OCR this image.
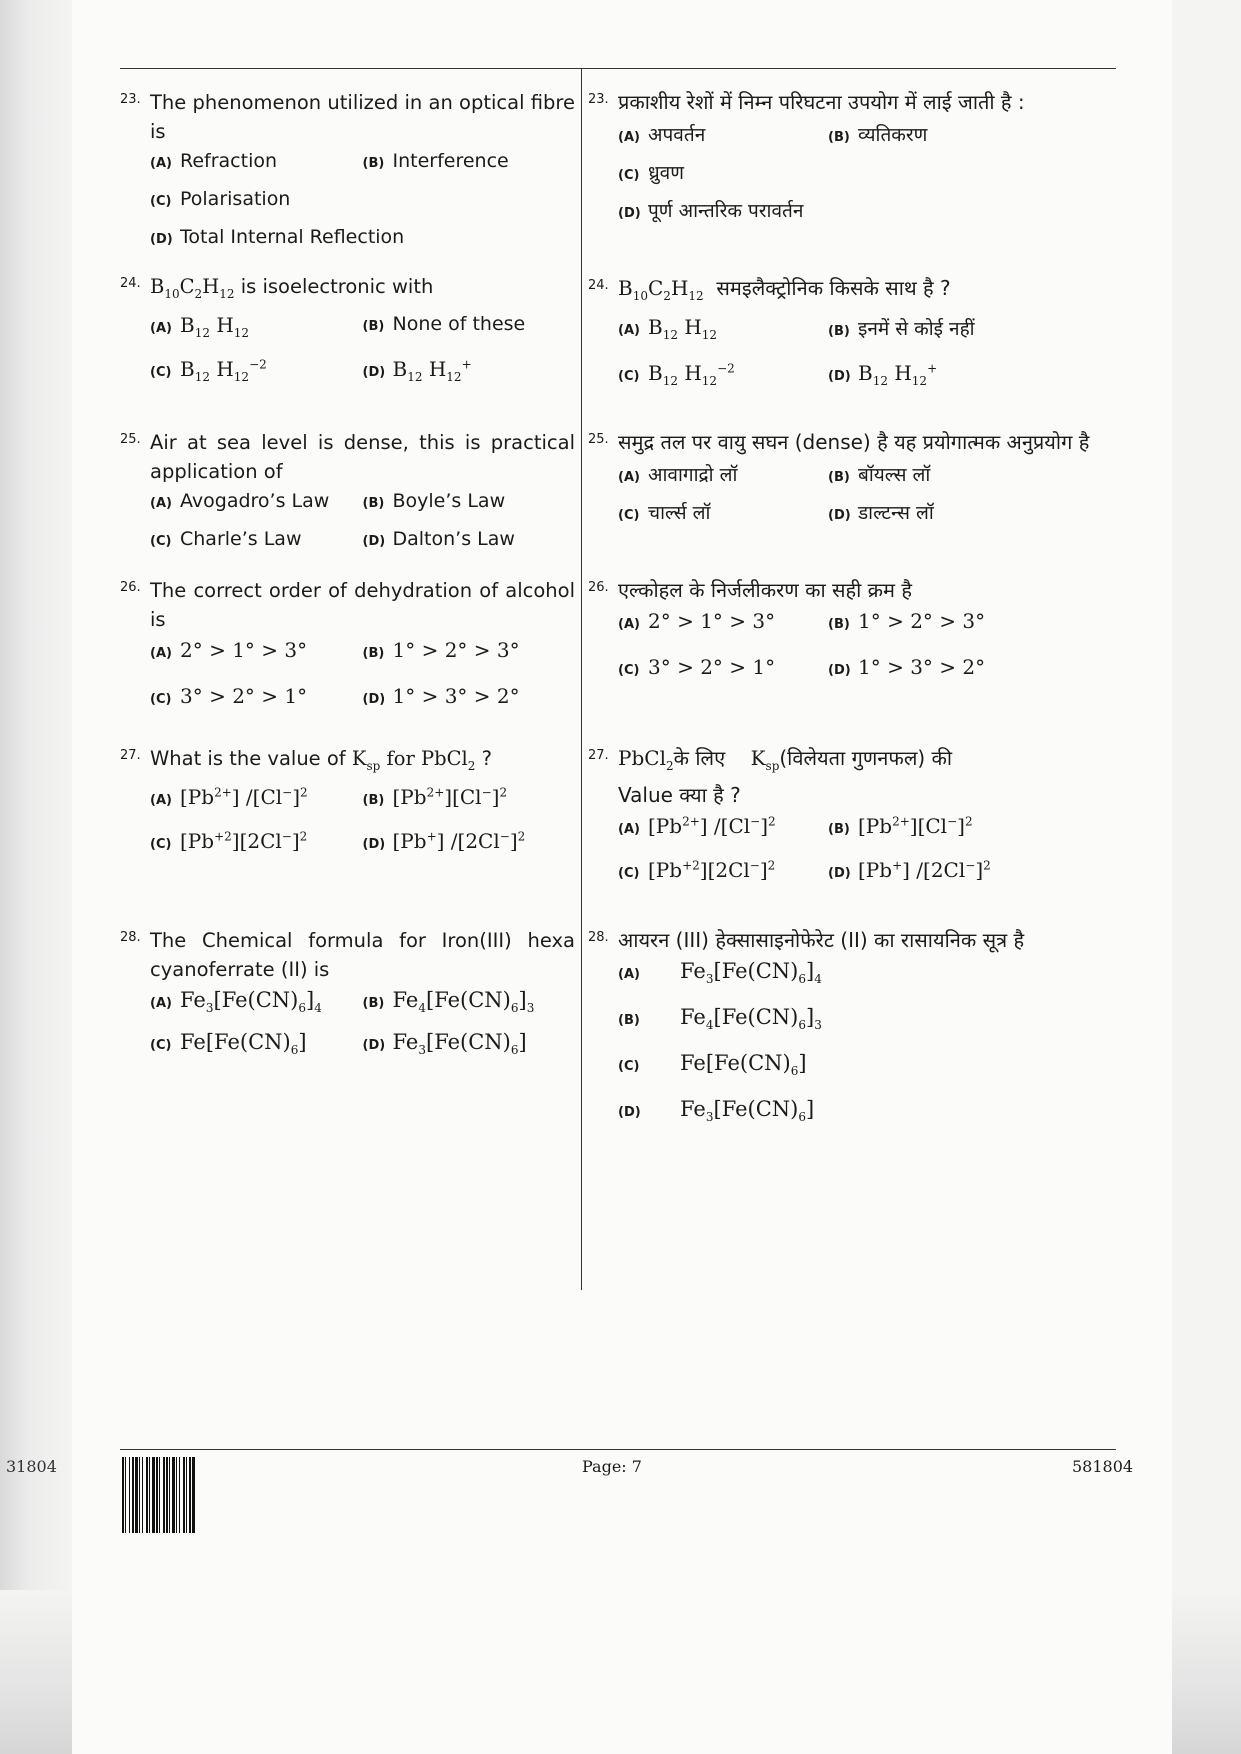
23. The phenomenon utilized in an optical fibre is
(A) Refraction	(B) Interference
(C) Polarisation
(D) Total Internal Reflection
24. $B_{10}C_2H_{12}$ is isoelectronic with
(A) $B_{12}$ $H_{12}$	(B) None of these
(C) $B_{12}$ $H_{12}^{-2}$
(D) $B_{12}$ $H_{12}^+$
25. Air at sea level is dense, this is practical application of
(A) Avogadro’s Law	(B) Boyle’s Law
(C) Charle’s Law	(D) Dalton’s Law
26. The correct order of dehydration of alcohol is
(A) 2° > 1° > 3°	(B) 1° > 2° > 3°
(C) 3° > 2° > 1°	(D) 1° > 3° > 2°
27. What is the value of $K_{sp}$ for PbCl$_2$ ?
(A) $[Pb^{2+}]$ $/[Cl^-]^2$
(B) $[Pb^{2+}][Cl^-]^2$
(C) $[Pb^{+2}][2Cl^-]^2$
(D) [Pb+] $/[2Cl^-]^2$
28. The Chemical formula for Iron(III) hexa cyanoferrate (II) is
(A) $Fe_3[Fe(CN)_6]_4$	(B) $Fe_4[Fe(CN)_6]_3$
(C) $Fe[Fe(CN)_6]$	(D) $Fe_3[Fe(CN)_6]$
23. प्रकाशीय रेशों में निम्न परिघटना उपयोग में लाई जाती है :
(A) अपवर्तन	(B) व्यतिकरण
(C) ध्रुवण
(D) पूर्ण आन्तरिक परावर्तन
24. $B_{10}C_2H_{12}$ समइलैक्ट्रोनिक किसके साथ है ?
(A) $B_{12}$ $H_{12}$	(B) इनमें से कोई नहीं
(C) $B_{12}$ $H_{12}^{-2}$
(D) $B_{12}$ $H_{12}^+$
25. समुद्र तल पर वायु सघन (dense) है यह प्रयोगात्मक अनुप्रयोग है
(A) आवागाद्रो लॉ	(B) बॉयल्स लॉ
(C) चार्ल्स लॉ	(D) डाल्टन्स लॉ
26. एल्कोहल के निर्जलीकरण का सही क्रम है
(A) 2° > 1° > 3°	(B) 1° > 2° > 3°
(C) 3° > 2° > 1°	(D) 1° > 3° > 2°
27. PbCl$_2$के लिए $K_{sp}(विलेयता$ गुणनफल) की
Value क्या है ?
(A) $[Pb^{2+}]$ $/[Cl^-]^2$
(B) $[Pb^{2+}][Cl^-]^2$
(C) $[Pb^{+2}][2Cl^-]^2$
(D) [Pb+] $/[2Cl^-]^2$
28. आयरन (III) हेक्सासाइनोफेरेट (II) का रासायनिक सूत्र है
(A)	$Fe_3[Fe(CN)_6]_4$
(B)	$Fe_4[Fe(CN)_6]_3$
(C)	$Fe[Fe(CN)_6]$
(D)	$Fe_3[Fe(CN)_6]$
Page: 7	581804
31804
